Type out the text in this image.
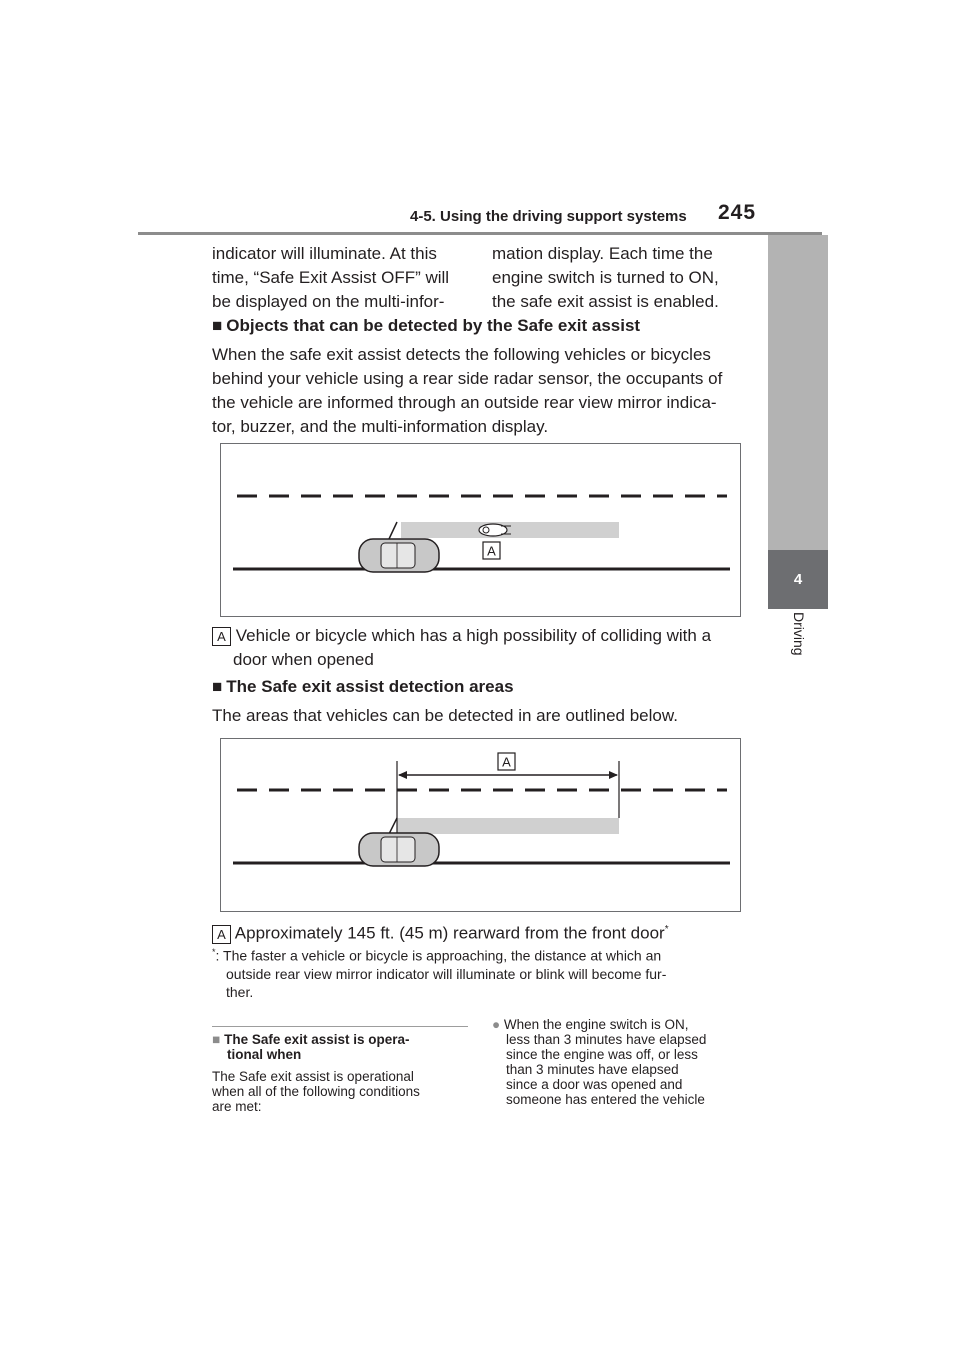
4-5. Using the driving support systems 245
4
Driving
indicator will illuminate. At this
time, “Safe Exit Assist OFF” will
be displayed on the multi-infor-
mation display. Each time the
engine switch is turned to ON,
the safe exit assist is enabled.
■ Objects that can be detected by the Safe exit assist
When the safe exit assist detects the following vehicles or bicycles
behind your vehicle using a rear side radar sensor, the occupants of
the vehicle are informed through an outside rear view mirror indica-
tor, buzzer, and the multi-information display.
A
A Vehicle or bicycle which has a high possibility of colliding with a
door when opened
■ The Safe exit assist detection areas
The areas that vehicles can be detected in are outlined below.
A
A Approximately 145 ft. (45 m) rearward from the front door*
*: The faster a vehicle or bicycle is approaching, the distance at which an
outside rear view mirror indicator will illuminate or blink will become fur-
ther.
■ The Safe exit assist is opera-
tional when
The Safe exit assist is operational
when all of the following conditions
are met:
● When the engine switch is ON,
less than 3 minutes have elapsed
since the engine was off, or less
than 3 minutes have elapsed
since a door was opened and
someone has entered the vehicle
